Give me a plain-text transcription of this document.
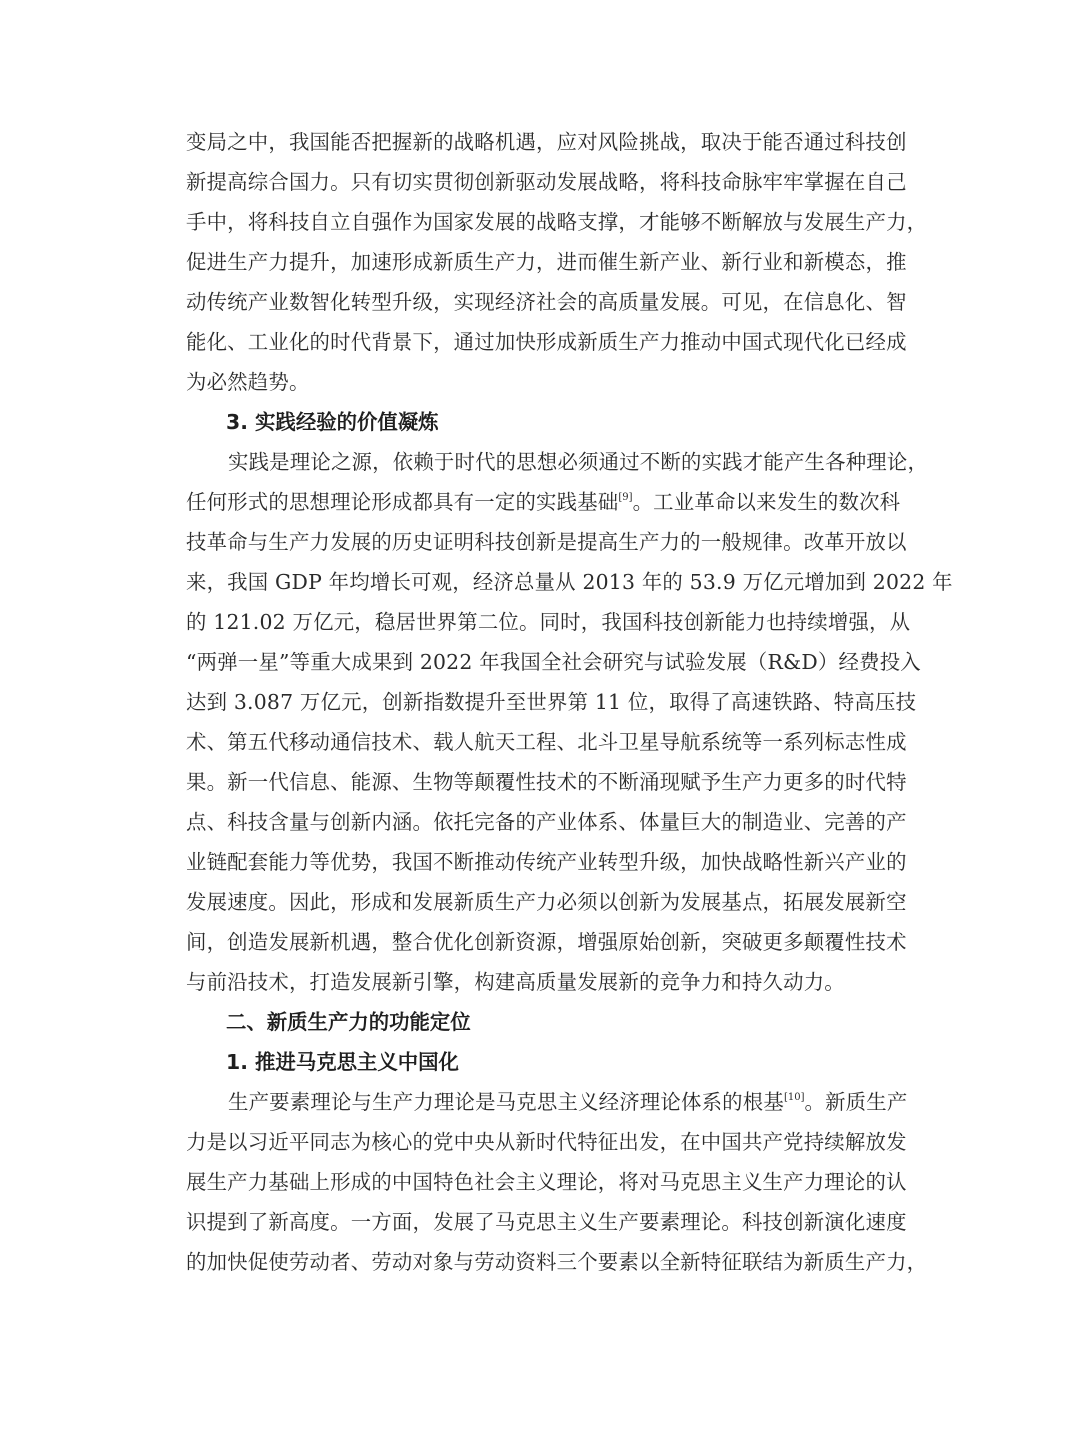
变局之中，我国能否把握新的战略机遇，应对风险挑战，取决于能否通过科技创
新提高综合国力。只有切实贯彻创新驱动发展战略，将科技命脉牢牢掌握在自己
手中，将科技自立自强作为国家发展的战略支撑，才能够不断解放与发展生产力，
促进生产力提升，加速形成新质生产力，进而催生新产业、新行业和新模态，推
动传统产业数智化转型升级，实现经济社会的高质量发展。可见，在信息化、智
能化、工业化的时代背景下，通过加快形成新质生产力推动中国式现代化已经成
为必然趋势。
3. 实践经验的价值凝炼
实践是理论之源，依赖于时代的思想必须通过不断的实践才能产生各种理论，
任何形式的思想理论形成都具有一定的实践基础[9]。工业革命以来发生的数次科
技革命与生产力发展的历史证明科技创新是提高生产力的一般规律。改革开放以
来，我国 GDP 年均增长可观，经济总量从 2013 年的 53.9 万亿元增加到 2022 年
的 121.02 万亿元，稳居世界第二位。同时，我国科技创新能力也持续增强，从
“两弹一星”等重大成果到 2022 年我国全社会研究与试验发展（R&D）经费投入
达到 3.087 万亿元，创新指数提升至世界第 11 位，取得了高速铁路、特高压技
术、第五代移动通信技术、载人航天工程、北斗卫星导航系统等一系列标志性成
果。新一代信息、能源、生物等颠覆性技术的不断涌现赋予生产力更多的时代特
点、科技含量与创新内涵。依托完备的产业体系、体量巨大的制造业、完善的产
业链配套能力等优势，我国不断推动传统产业转型升级，加快战略性新兴产业的
发展速度。因此，形成和发展新质生产力必须以创新为发展基点，拓展发展新空
间，创造发展新机遇，整合优化创新资源，增强原始创新，突破更多颠覆性技术
与前沿技术，打造发展新引擎，构建高质量发展新的竞争力和持久动力。
二、新质生产力的功能定位
1. 推进马克思主义中国化
生产要素理论与生产力理论是马克思主义经济理论体系的根基[10]。新质生产
力是以习近平同志为核心的党中央从新时代特征出发，在中国共产党持续解放发
展生产力基础上形成的中国特色社会主义理论，将对马克思主义生产力理论的认
识提到了新高度。一方面，发展了马克思主义生产要素理论。科技创新演化速度
的加快促使劳动者、劳动对象与劳动资料三个要素以全新特征联结为新质生产力，
